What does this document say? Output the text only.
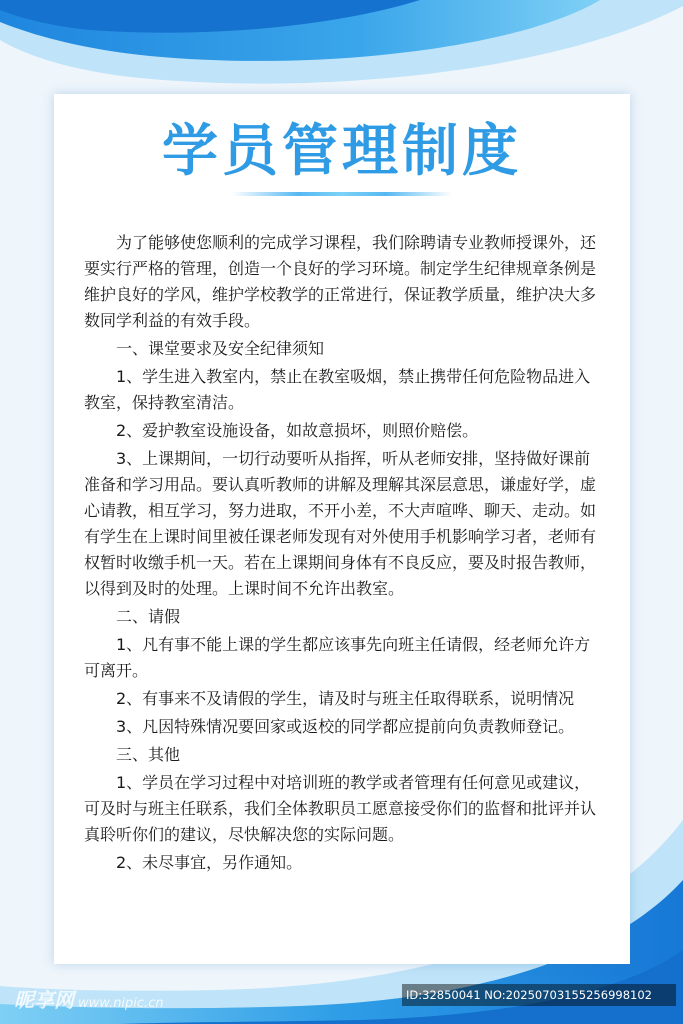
学员管理制度

为了能够使您顺利的完成学习课程，我们除聘请专业教师授课外，还要实行严格的管理，创造一个良好的学习环境。制定学生纪律规章条例是维护良好的学风，维护学校教学的正常进行，保证教学质量，维护决大多数同学利益的有效手段。

一、课堂要求及安全纪律须知

1、学生进入教室内，禁止在教室吸烟，禁止携带任何危险物品进入教室，保持教室清洁。

2、爱护教室设施设备，如故意损坏，则照价赔偿。

3、上课期间，一切行动要听从指挥，听从老师安排，坚持做好课前准备和学习用品。要认真听教师的讲解及理解其深层意思，谦虚好学，虚心请教，相互学习，努力进取，不开小差，不大声喧哗、聊天、走动。如有学生在上课时间里被任课老师发现有对外使用手机影响学习者，老师有权暂时收缴手机一天。若在上课期间身体有不良反应，要及时报告教师，以得到及时的处理。上课时间不允许出教室。

二、请假

1、凡有事不能上课的学生都应该事先向班主任请假，经老师允许方可离开。

2、有事来不及请假的学生，请及时与班主任取得联系，说明情况

3、凡因特殊情况要回家或返校的同学都应提前向负责教师登记。

三、其他

1、学员在学习过程中对培训班的教学或者管理有任何意见或建议，可及时与班主任联系，我们全体教职员工愿意接受你们的监督和批评并认真聆听你们的建议，尽快解决您的实际问题。

2、未尽事宜，另作通知。

昵享网 www.nipic.cn
ID:32850041 NO:20250703155256998102
